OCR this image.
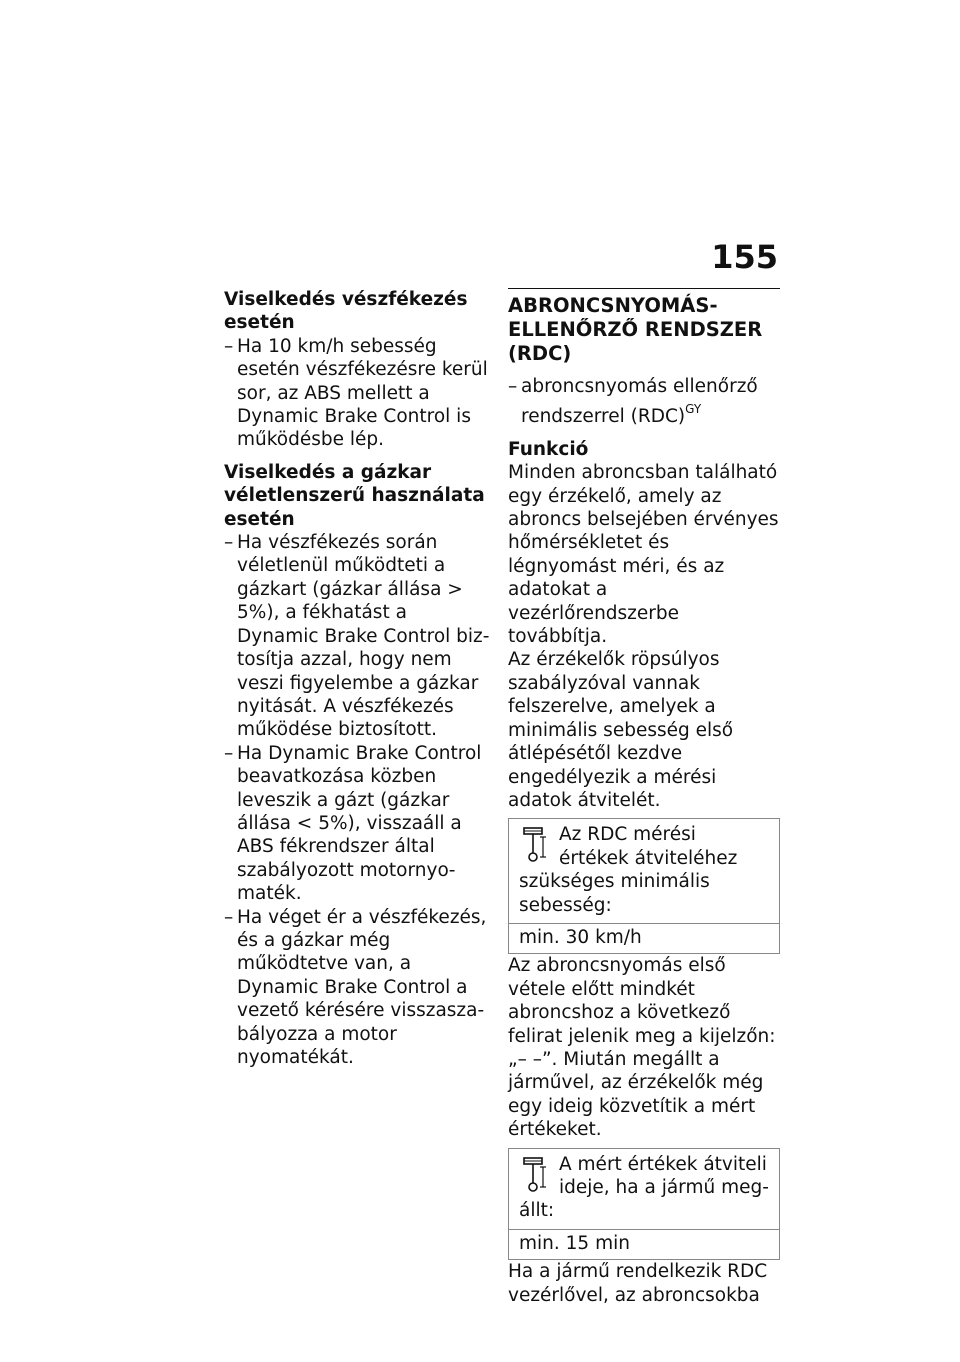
155

Viselkedés vészfékezés esetén

– Ha 10 km/h sebesség esetén vészfékezésre kerül sor, az ABS mellett a Dynamic Brake Control is működésbe lép.

Viselkedés a gázkar véletlenszerű használata esetén

– Ha vészfékezés során véletlenül működteti a gázkart (gázkar állása > 5%), a fékhatást a Dynamic Brake Control biztosítja azzal, hogy nem veszi figyelembe a gázkar nyitását. A vészfékezés működése biztosított.
– Ha Dynamic Brake Control beavatkozása közben leveszik a gázt (gázkar állása < 5%), visszaáll a ABS fékrendszer által szabályozott motornyomaték.
– Ha véget ér a vészfékezés, és a gázkar még működtetve van, a Dynamic Brake Control a vezető kérésére visszaszabályozza a motor nyomatékát.

ABRONCSNYOMÁS-ELLENŐRZŐ RENDSZER (RDC)

– abroncsnyomás ellenőrző rendszerrel (RDC)$^{GY}$

Funkció

Minden abroncsban található egy érzékelő, amely az abroncs belsejében érvényes hőmérsékletet és légnyomást méri, és az adatokat a vezérlőrendszerbe továbbítja.

Az érzékelők röpsúlyos szabályzóval vannak felszerelve, amelyek a minimális sebesség első átlépésétől kezdve engedélyezik a mérési adatok átvitelét.

Az RDC mérési értékek átviteléhez szükséges minimális sebesség:
min. 30 km/h

Az abroncsnyomás első vétele előtt mindkét abroncshoz a következő felirat jelenik meg a kijelzőn: „– –”. Miután megállt a járművel, az érzékelők még egy ideig közvetítik a mért értékeket.

A mért értékek átviteli ideje, ha a jármű megállt:
min. 15 min

Ha a jármű rendelkezik RDC vezérlővel, az abroncsokba
